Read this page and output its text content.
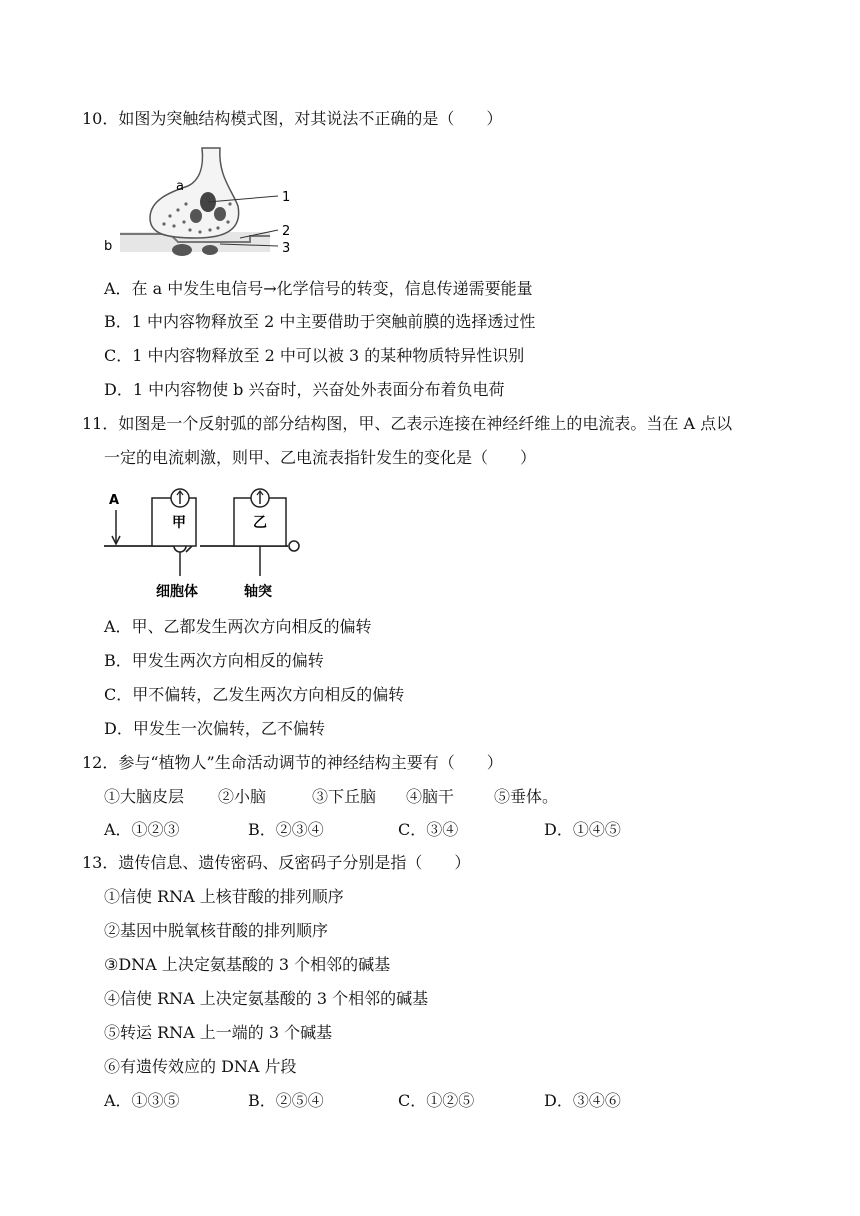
10．如图为突触结构模式图，对其说法不正确的是（　　）
a
b
1
2
3
A．在 a 中发生电信号→化学信号的转变，信息传递需要能量
B．1 中内容物释放至 2 中主要借助于突触前膜的选择透过性
C．1 中内容物释放至 2 中可以被 3 的某种物质特异性识别
D．1 中内容物使 b 兴奋时，兴奋处外表面分布着负电荷
11．如图是一个反射弧的部分结构图，甲、乙表示连接在神经纤维上的电流表。当在 A 点以
一定的电流刺激，则甲、乙电流表指针发生的变化是（　　）
A
甲	乙
细胞体	轴突
A．甲、乙都发生两次方向相反的偏转
B．甲发生两次方向相反的偏转
C．甲不偏转，乙发生两次方向相反的偏转
D．甲发生一次偏转，乙不偏转
12．参与“植物人”生命活动调节的神经结构主要有（　　）
①大脑皮层 ②小脑	③下丘脑 ④脑干 ⑤垂体。
A．①②③	B．②③④	C．③④	D．①④⑤
13．遗传信息、遗传密码、反密码子分别是指（　　）
①信使 RNA 上核苷酸的排列顺序
②基因中脱氧核苷酸的排列顺序
③DNA 上决定氨基酸的 3 个相邻的碱基
④信使 RNA 上决定氨基酸的 3 个相邻的碱基
⑤转运 RNA 上一端的 3 个碱基
⑥有遗传效应的 DNA 片段
A．①③⑤	B．②⑤④	C．①②⑤	D．③④⑥
